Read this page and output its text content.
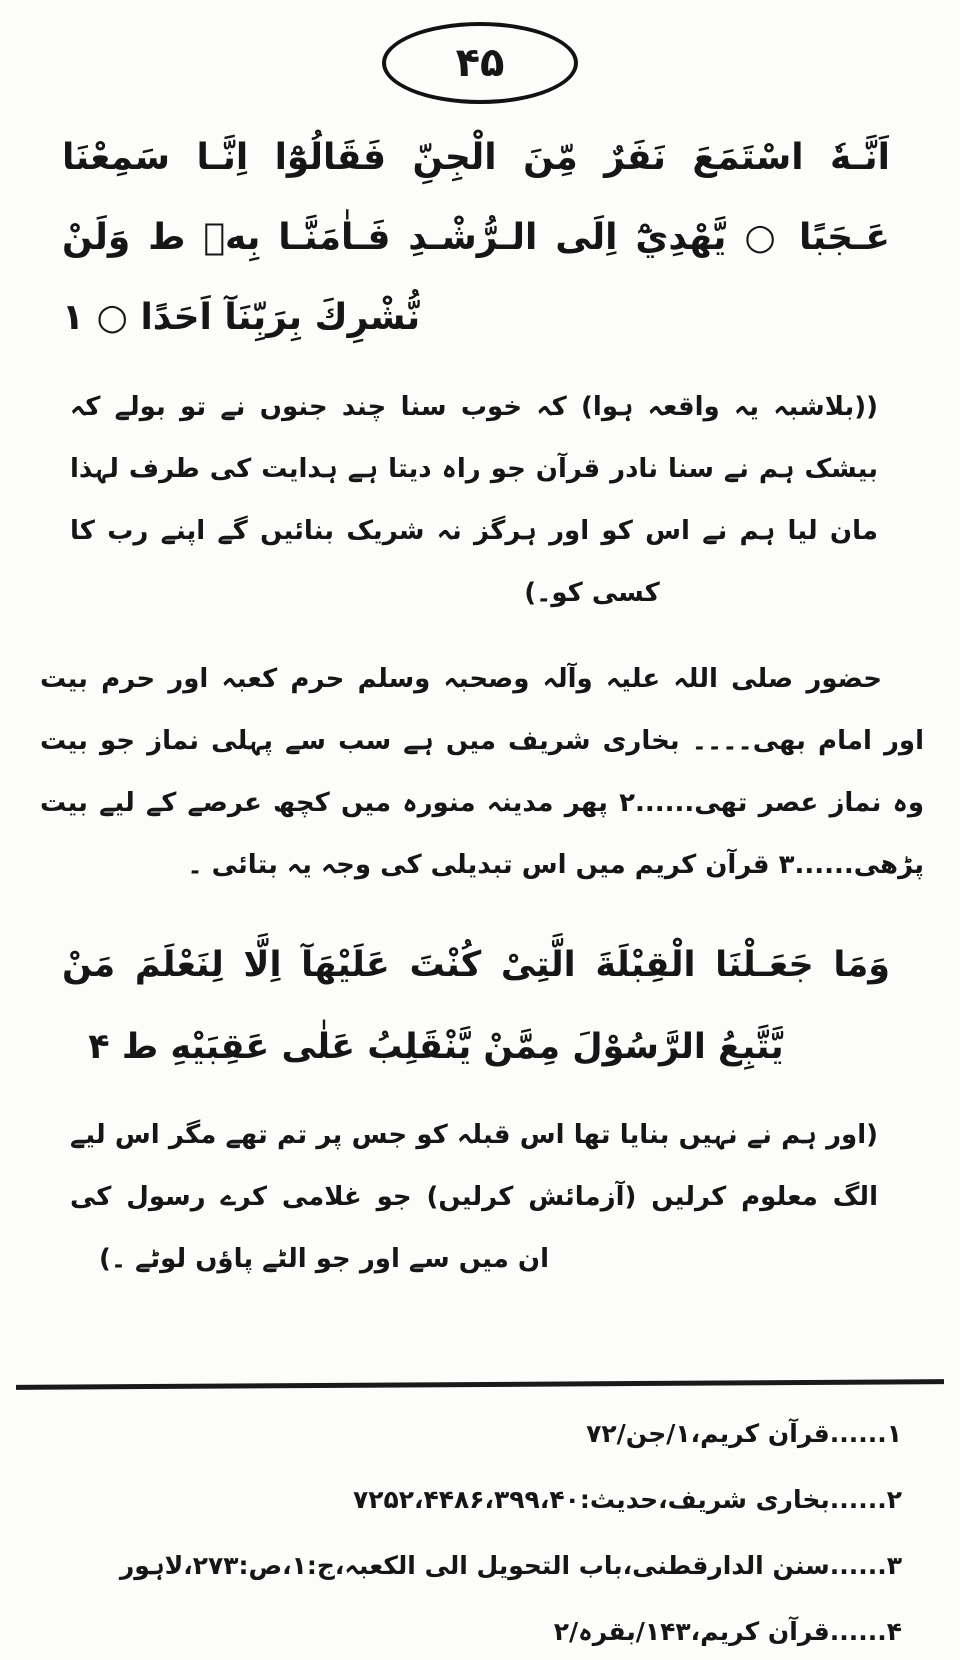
۴۵
اَنَّـهٗ اسْتَمَعَ نَفَرٌ مِّنَ الْجِنِّ فَقَالُوْٓا اِنَّـا سَمِعْنَا
عَـجَبًا ○ يَّهْدِيْٓ اِلَى الـرُّشْـدِ فَـاٰمَنَّـا بِهٖ ط وَلَنْ
نُّشْرِكَ بِرَبِّنَآ اَحَدًا ○ ۱
((بلاشبہ یہ واقعہ ہوا) کہ خوب سنا چند جنوں نے تو بولے کہ
بیشک ہم نے سنا نادر قرآن جو راہ دیتا ہے ہدایت کی طرف لہذا
مان لیا ہم نے اس کو اور ہرگز نہ شریک بنائیں گے اپنے رب کا
کسی کو۔)
حضور صلی اللہ علیہ وآلہ وصحبہ وسلم حرم کعبہ اور حرم بیت
اور امام بھی۔۔۔۔ بخاری شریف میں ہے سب سے پہلی نماز جو بیت
وہ نماز عصر تھی......۲ پھر مدینہ منورہ میں کچھ عرصے کے لیے بیت
پڑھی......۳ قرآن کریم میں اس تبدیلی کی وجہ یہ بتائی ۔
وَمَا جَعَـلْنَا الْقِبْلَةَ الَّتِىْ كُنْتَ عَلَيْهَآ اِلَّا لِنَعْلَمَ مَنْ
يَّتَّبِعُ الرَّسُوْلَ مِمَّنْ يَّنْقَلِبُ عَلٰى عَقِبَيْهِ ط ۴
(اور ہم نے نہیں بنایا تھا اس قبلہ کو جس پر تم تھے مگر اس لیے
الگ معلوم کرلیں (آزمائش کرلیں) جو غلامی کرے رسول کی
ان میں سے اور جو الٹے پاؤں لوٹے ۔)
۱......قرآن کریم،۱/جن/۷۲
۲......بخاری شریف،حدیث:۴۰،‏۳۹۹،‏۴۴۸۶،‏۷۲۵۲
۳......سنن الدارقطنی،باب التحویل الی الکعبہ،ج:۱،ص:۲۷۳،لاہور
۴......قرآن کریم،۱۴۳/بقرہ/۲
